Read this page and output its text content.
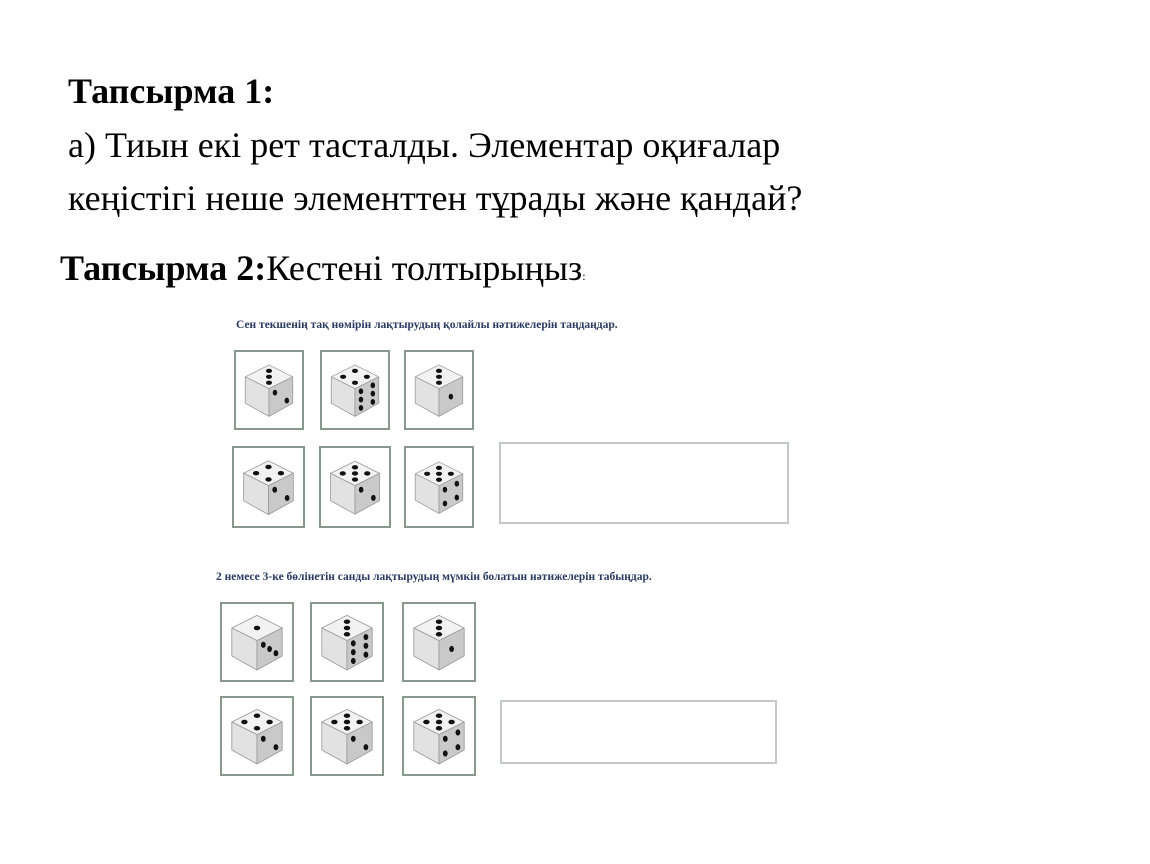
Тапсырма 1:
а) Тиын екі рет тасталды. Элементар оқиғалар
кеңістігі неше элементтен тұрады және қандай?
Тапсырма 2:Кестені толтырыңыз:
Сен текшенің тақ нөмірін лақтырудың қолайлы нәтижелерін таңдаңдар.
2 немесе 3-ке бөлінетін санды лақтырудың мүмкін болатын нәтижелерін табыңдар.
